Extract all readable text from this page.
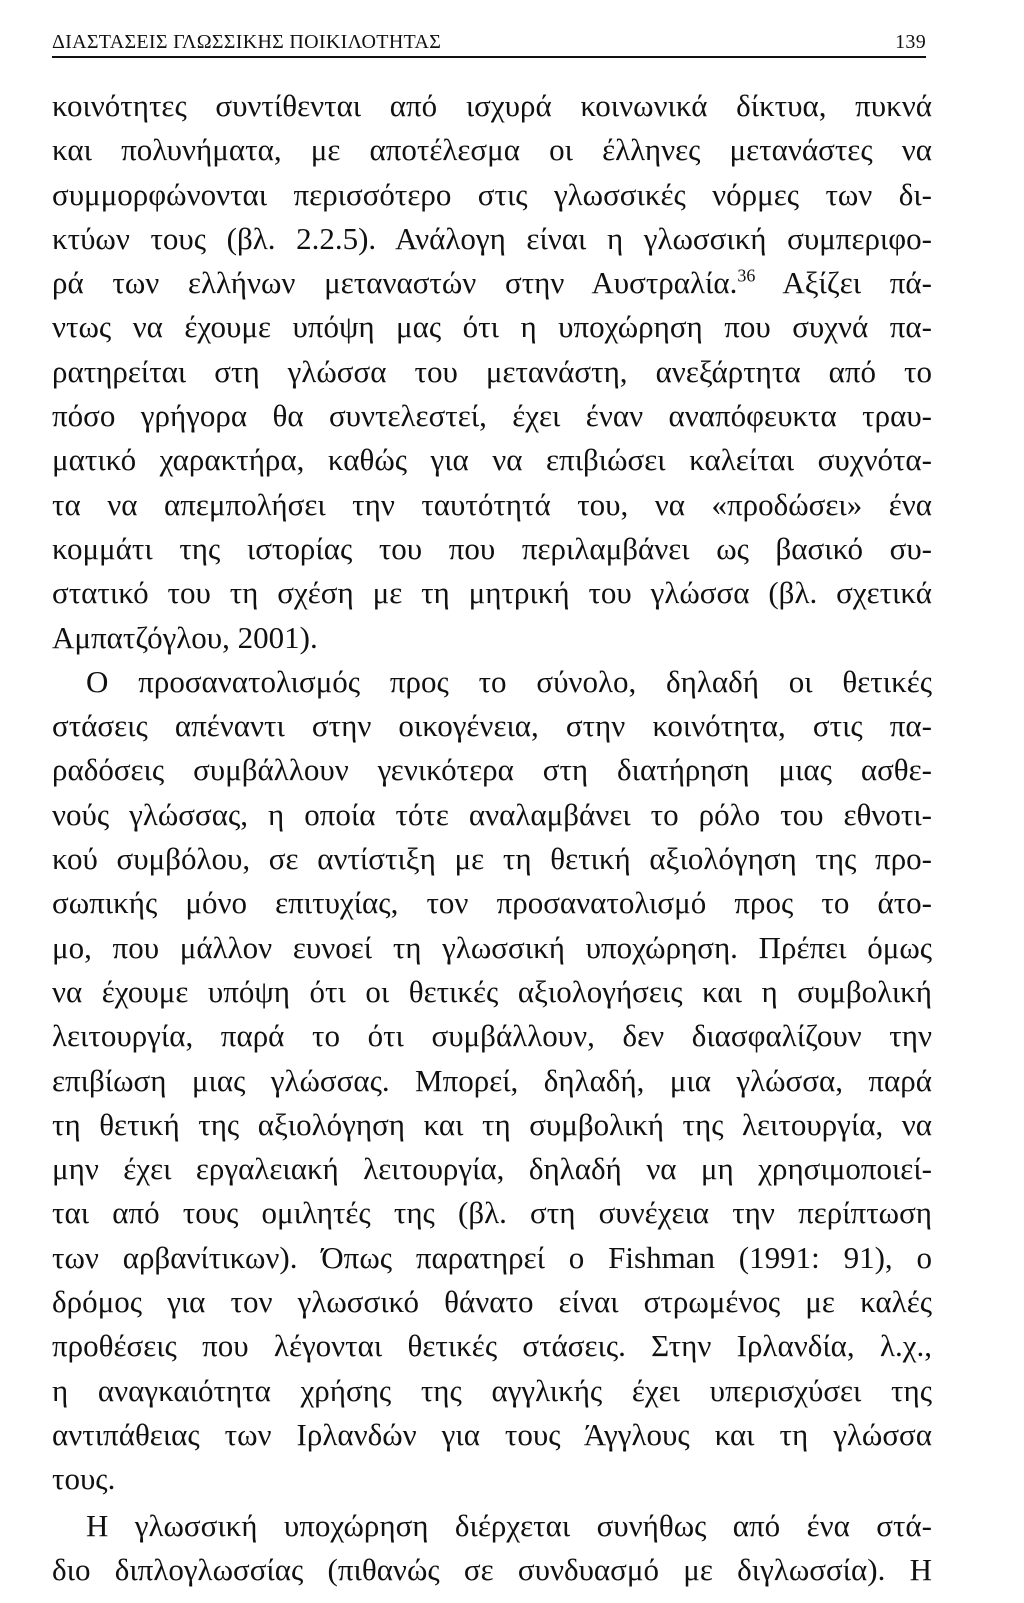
ΔΙΑΣΤΑΣΕΙΣ ΓΛΩΣΣΙΚΗΣ ΠΟΙΚΙΛΟΤΗΤΑΣ	139
κοινότητες συντίθενται από ισχυρά κοινωνικά δίκτυα, πυκνά
και πολυνήματα, με αποτέλεσμα οι έλληνες μετανάστες να
συμμορφώνονται περισσότερο στις γλωσσικές νόρμες των δι-
κτύων τους (βλ. 2.2.5). Ανάλογη είναι η γλωσσική συμπεριφο-
ρά των ελλήνων μεταναστών στην Αυστραλία.$^{36}$ Αξίζει πά-
ντως να έχουμε υπόψη μας ότι η υποχώρηση που συχνά πα-
ρατηρείται στη γλώσσα του μετανάστη, ανεξάρτητα από το
πόσο γρήγορα θα συντελεστεί, έχει έναν αναπόφευκτα τραυ-
ματικό χαρακτήρα, καθώς για να επιβιώσει καλείται συχνότα-
τα να απεμπολήσει την ταυτότητά του, να «προδώσει» ένα
κομμάτι της ιστορίας του που περιλαμβάνει ως βασικό συ-
στατικό του τη σχέση με τη μητρική του γλώσσα (βλ. σχετικά
Αμπατζόγλου, 2001).
Ο προσανατολισμός προς το σύνολο, δηλαδή οι θετικές
στάσεις απέναντι στην οικογένεια, στην κοινότητα, στις πα-
ραδόσεις συμβάλλουν γενικότερα στη διατήρηση μιας ασθε-
νούς γλώσσας, η οποία τότε αναλαμβάνει το ρόλο του εθνοτι-
κού συμβόλου, σε αντίστιξη με τη θετική αξιολόγηση της προ-
σωπικής μόνο επιτυχίας, τον προσανατολισμό προς το άτο-
μο, που μάλλον ευνοεί τη γλωσσική υποχώρηση. Πρέπει όμως
να έχουμε υπόψη ότι οι θετικές αξιολογήσεις και η συμβολική
λειτουργία, παρά το ότι συμβάλλουν, δεν διασφαλίζουν την
επιβίωση μιας γλώσσας. Μπορεί, δηλαδή, μια γλώσσα, παρά
τη θετική της αξιολόγηση και τη συμβολική της λειτουργία, να
μην έχει εργαλειακή λειτουργία, δηλαδή να μη χρησιμοποιεί-
ται από τους ομιλητές της (βλ. στη συνέχεια την περίπτωση
των αρβανίτικων). Όπως παρατηρεί ο Fishman (1991: 91), ο
δρόμος για τον γλωσσικό θάνατο είναι στρωμένος με καλές
προθέσεις που λέγονται θετικές στάσεις. Στην Ιρλανδία, λ.χ.,
η αναγκαιότητα χρήσης της αγγλικής έχει υπερισχύσει της
αντιπάθειας των Ιρλανδών για τους Άγγλους και τη γλώσσα
τους.
Η γλωσσική υποχώρηση διέρχεται συνήθως από ένα στά-
διο διπλογλωσσίας (πιθανώς σε συνδυασμό με διγλωσσία). Η
